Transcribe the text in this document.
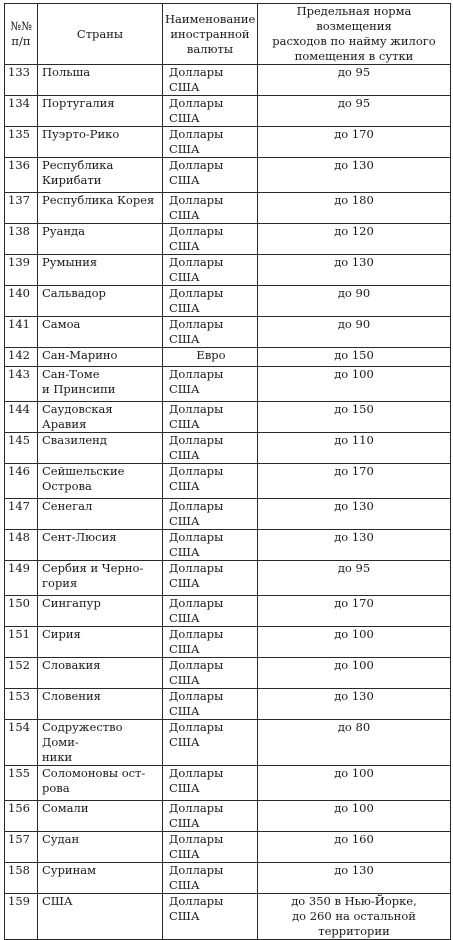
№№
п/п	Страны	Наименование
иностранной
валюты	Предельная норма возмещения
расходов по найму жилого
помещения в сутки
133	Польша	Доллары США	до 95
134	Португалия	Доллары США	до 95
135	Пуэрто-Рико	Доллары США	до 170
136	Республика
Кирибати	Доллары США	до 130
137	Республика Корея	Доллары США	до 180
138	Руанда	Доллары США	до 120
139	Румыния	Доллары США	до 130
140	Сальвадор	Доллары США	до 90
141	Самоа	Доллары США	до 90
142	Сан-Марино	Евро	до 150
143	Сан-Томе
и Принсипи	Доллары США	до 100
144	Саудовская Аравия	Доллары США	до 150
145	Свазиленд	Доллары США	до 110
146	Сейшельские
Острова	Доллары США	до 170
147	Сенегал	Доллары США	до 130
148	Сент-Люсия	Доллары США	до 130
149	Сербия и Черно-
гория	Доллары США	до 95
150	Сингапур	Доллары США	до 170
151	Сирия	Доллары США	до 100
152	Словакия	Доллары США	до 100
153	Словения	Доллары США	до 130
154	Содружество Доми-
ники	Доллары США	до 80
155	Соломоновы ост-
рова	Доллары США	до 100
156	Сомали	Доллары США	до 100
157	Судан	Доллары США	до 160
158	Суринам	Доллары США	до 130
159	США	Доллары США	до 350 в Нью-Йорке,
до 260 на остальной территории
